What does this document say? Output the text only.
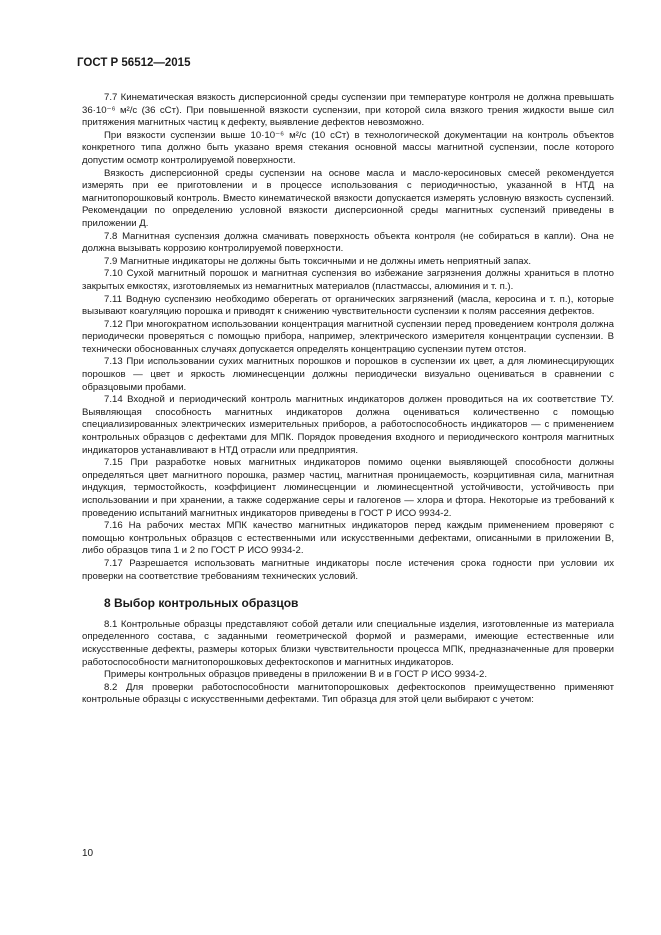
ГОСТ Р 56512—2015

7.7 Кинематическая вязкость дисперсионной среды суспензии при температуре контроля не должна превышать 36·10⁻⁶ м²/с (36 сСт). При повышенной вязкости суспензии, при которой сила вязкого трения жидкости выше сил притяжения магнитных частиц к дефекту, выявление дефектов невозможно.

При вязкости суспензии выше 10·10⁻⁶ м²/с (10 сСт) в технологической документации на контроль объектов конкретного типа должно быть указано время стекания основной массы магнитной суспензии, после которого допустим осмотр контролируемой поверхности.

Вязкость дисперсионной среды суспензии на основе масла и масло-керосиновых смесей рекомендуется измерять при ее приготовлении и в процессе использования с периодичностью, указанной в НТД на магнитопорошковый контроль. Вместо кинематической вязкости допускается измерять условную вязкость суспензий. Рекомендации по определению условной вязкости дисперсионной среды магнитных суспензий приведены в приложении Д.

7.8 Магнитная суспензия должна смачивать поверхность объекта контроля (не собираться в капли). Она не должна вызывать коррозию контролируемой поверхности.

7.9 Магнитные индикаторы не должны быть токсичными и не должны иметь неприятный запах.

7.10 Сухой магнитный порошок и магнитная суспензия во избежание загрязнения должны храниться в плотно закрытых емкостях, изготовляемых из немагнитных материалов (пластмассы, алюминия и т. п.).

7.11 Водную суспензию необходимо оберегать от органических загрязнений (масла, керосина и т. п.), которые вызывают коагуляцию порошка и приводят к снижению чувствительности суспензии к полям рассеяния дефектов.

7.12 При многократном использовании концентрация магнитной суспензии перед проведением контроля должна периодически проверяться с помощью прибора, например, электрического измерителя концентрации суспензии. В технически обоснованных случаях допускается определять концентрацию суспензии путем отстоя.

7.13 При использовании сухих магнитных порошков и порошков в суспензии их цвет, а для люминесцирующих порошков — цвет и яркость люминесценции должны периодически визуально оцениваться в сравнении с образцовыми пробами.

7.14 Входной и периодический контроль магнитных индикаторов должен проводиться на их соответствие ТУ. Выявляющая способность магнитных индикаторов должна оцениваться количественно с помощью специализированных электрических измерительных приборов, а работоспособность индикаторов — с применением контрольных образцов с дефектами для МПК. Порядок проведения входного и периодического контроля магнитных индикаторов устанавливают в НТД отрасли или предприятия.

7.15 При разработке новых магнитных индикаторов помимо оценки выявляющей способности должны определяться цвет магнитного порошка, размер частиц, магнитная проницаемость, коэрцитивная сила, магнитная индукция, термостойкость, коэффициент люминесценции и люминесцентной устойчивости, устойчивость при использовании и при хранении, а также содержание серы и галогенов — хлора и фтора. Некоторые из требований к проведению испытаний магнитных индикаторов приведены в ГОСТ Р ИСО 9934-2.

7.16 На рабочих местах МПК качество магнитных индикаторов перед каждым применением проверяют с помощью контрольных образцов с естественными или искусственными дефектами, описанными в приложении В, либо образцов типа 1 и 2 по ГОСТ Р ИСО 9934-2.

7.17 Разрешается использовать магнитные индикаторы после истечения срока годности при условии их проверки на соответствие требованиям технических условий.

8 Выбор контрольных образцов

8.1 Контрольные образцы представляют собой детали или специальные изделия, изготовленные из материала определенного состава, с заданными геометрической формой и размерами, имеющие естественные или искусственные дефекты, размеры которых близки чувствительности процесса МПК, предназначенные для проверки работоспособности магнитопорошковых дефектоскопов и магнитных индикаторов.

Примеры контрольных образцов приведены в приложении В и в ГОСТ Р ИСО 9934-2.

8.2 Для проверки работоспособности магнитопорошковых дефектоскопов преимущественно применяют контрольные образцы с искусственными дефектами. Тип образца для этой цели выбирают с учетом:

10
